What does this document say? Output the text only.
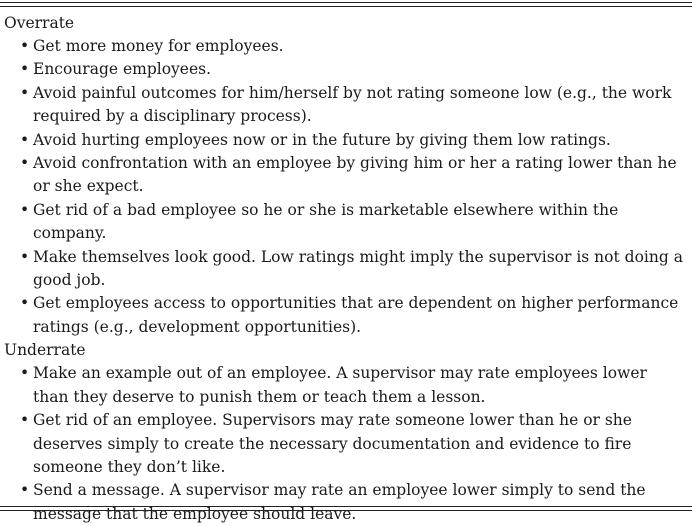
Overrate
• Get more money for employees.
• Encourage employees.
• Avoid painful outcomes for him/herself by not rating someone low (e.g., the work required by a disciplinary process).
• Avoid hurting employees now or in the future by giving them low ratings.
• Avoid confrontation with an employee by giving him or her a rating lower than he or she expect.
• Get rid of a bad employee so he or she is marketable elsewhere within the company.
• Make themselves look good. Low ratings might imply the supervisor is not doing a good job.
• Get employees access to opportunities that are dependent on higher performance ratings (e.g., development opportunities).
Underrate
• Make an example out of an employee. A supervisor may rate employees lower than they deserve to punish them or teach them a lesson.
• Get rid of an employee. Supervisors may rate someone lower than he or she deserves simply to create the necessary documentation and evidence to fire someone they don’t like.
• Send a message. A supervisor may rate an employee lower simply to send the message that the employee should leave.
